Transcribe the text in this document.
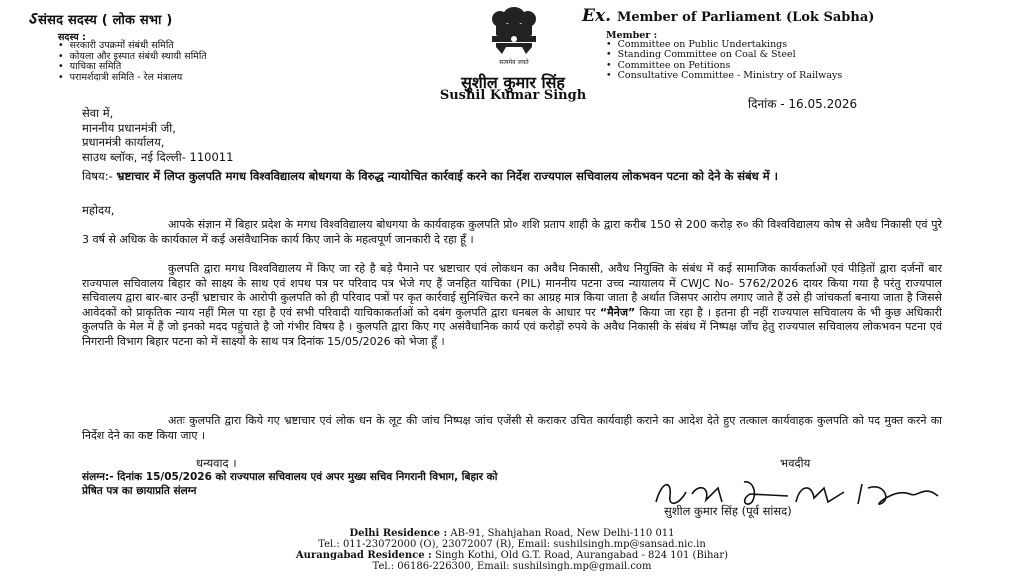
ऽ संसद सदस्य ( लोक सभा )
सदस्य :
• सरकारी उपक्रमों संबंधी समिति
• कोयला और इस्पात संबंधी स्थायी समिति
• याचिका समिति
• परामर्शदात्री समिति - रेल मंत्रालय
सत्यमेव जयते
Ex. Member of Parliament (Lok Sabha)
Member :
• Committee on Public Undertakings
• Standing Committee on Coal & Steel
• Committee on Petitions
• Consultative Committee - Ministry of Railways
सुशील कुमार सिंह
Sushil Kumar Singh
दिनांक - 16.05.2026
सेवा में,
माननीय प्रधानमंत्री जी,
प्रधानमंत्री कार्यालय,
साउथ ब्लॉक, नई दिल्ली- 110011
विषय:- भ्रष्टाचार में लिप्त कुलपति मगध विश्वविद्यालय बोधगया के विरुद्ध न्यायोचित कार्रवाई करने का निर्देश राज्यपाल सचिवालय लोकभवन पटना को देने के संबंध में ।
महोदय,
आपके संज्ञान में बिहार प्रदेश के मगध विश्वविद्यालय बोधगया के कार्यवाहक कुलपति प्रो० शशि प्रताप शाही के द्वारा करीब 150 से 200 करोड़ रु० की विश्वविद्यालय कोष से अवैध निकासी एवं पुरे 3 वर्ष से अधिक के कार्यकाल में कई असंवैधानिक कार्य किए जाने के महत्वपूर्ण जानकारी दे रहा हूँ ।
कुलपति द्वारा मगध विश्वविद्यालय में किए जा रहे है बड़े पैमाने पर भ्रष्टाचार एवं लोकधन का अवैध निकासी, अवैध नियुक्ति के संबंध में कई सामाजिक कार्यकर्ताओं एवं पीड़ितों द्वारा दर्जनों बार राज्यपाल सचिवालय बिहार को साक्ष्य के साथ एवं शपथ पत्र पर परिवाद पत्र भेजे गए हैं जनहित याचिका (PIL) माननीय पटना उच्च न्यायालय में CWJC No- 5762/2026 दायर किया गया है परंतु राज्यपाल सचिवालय द्वारा बार-बार उन्हीं भ्रष्टाचार के आरोपी कुलपति को ही परिवाद पत्रों पर कृत कार्रवाई सुनिश्चित करने का आग्रह मात्र किया जाता है अर्थात जिसपर आरोप लगाए जाते हैं उसे ही जांचकर्ता बनाया जाता है जिससे आवेदकों को प्राकृतिक न्याय नहीं मिल पा रहा है एवं सभी परिवादी याचिकाकर्ताओं को दबंग कुलपति द्वारा धनबल के आधार पर “मैनेज” किया जा रहा है । इतना ही नहीं राज्यपाल सचिवालय के भी कुछ अधिकारी कुलपति के मेल में हैं जो इनको मदद पहुंचाते है जो गंभीर विषय है । कुलपति द्वारा किए गए असंवैधानिक कार्य एवं करोड़ों रुपये के अवैध निकासी के संबंध में निष्पक्ष जाँच हेतु राज्यपाल सचिवालय लोकभवन पटना एवं निगरानी विभाग बिहार पटना को में साक्ष्यों के साथ पत्र दिनांक 15/05/2026 को भेजा हूँ ।
अतः कुलपति द्वारा किये गए भ्रष्टाचार एवं लोक धन के लूट की जांच निष्पक्ष जांच एजेंसी से कराकर उचित कार्यवाही कराने का आदेश देते हुए तत्काल कार्यवाहक कुलपति को पद मुक्त करने का निर्देश देने का कष्ट किया जाए ।
धन्यवाद ।	भवदीय
संलग्न:- दिनांक 15/05/2026 को राज्यपाल सचिवालय एवं अपर मुख्य सचिव निगरानी विभाग, बिहार को प्रेषित पत्र का छायाप्रति संलग्न
सुशील कुमार सिंह (पूर्व सांसद)
Delhi Residence : AB-91, Shahjahan Road, New Delhi-110 011
Tel.: 011-23072000 (O), 23072007 (R), Email: sushilsingh.mp@sansad.nic.in
Aurangabad Residence : Singh Kothi, Old G.T. Road, Aurangabad - 824 101 (Bihar)
Tel.: 06186-226300, Email: sushilsingh.mp@gmail.com
